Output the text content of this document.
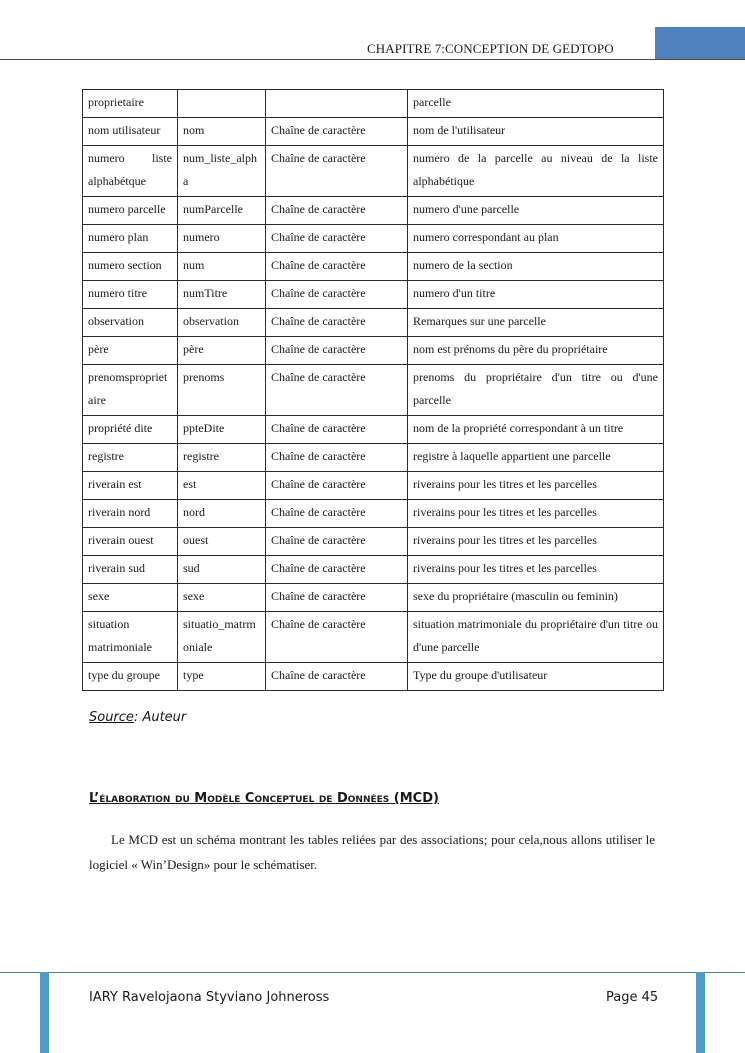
CHAPITRE 7:CONCEPTION DE GEDTOPO
proprietaire			parcelle
nom utilisateur	nom	Chaîne de caractère	nom de l'utilisateur
numero liste alphabétque	num_liste_alpha	Chaîne de caractère	numero de la parcelle au niveau de la liste alphabétique
numero parcelle	numParcelle	Chaîne de caractère	numero d'une parcelle
numero plan	numero	Chaîne de caractère	numero correspondant au plan
numero section	num	Chaîne de caractère	numero de la section
numero titre	numTitre	Chaîne de caractère	numero d'un titre
observation	observation	Chaîne de caractère	Remarques sur une parcelle
père	père	Chaîne de caractère	nom est prénoms du père du propriétaire
prenomsproprietaire	prenoms	Chaîne de caractère	prenoms du propriétaire d'un titre ou d'une parcelle
propriété dite	ppteDite	Chaîne de caractère	nom de la propriété correspondant à un titre
registre	registre	Chaîne de caractère	registre à laquelle appartient une parcelle
riverain est	est	Chaîne de caractère	riverains pour les titres et les parcelles
riverain nord	nord	Chaîne de caractère	riverains pour les titres et les parcelles
riverain ouest	ouest	Chaîne de caractère	riverains pour les titres et les parcelles
riverain sud	sud	Chaîne de caractère	riverains pour les titres et les parcelles
sexe	sexe	Chaîne de caractère	sexe du propriétaire (masculin ou feminin)
situation matrimoniale	situatio_matrmoniale	Chaîne de caractère	situation matrimoniale du propriétaire d'un titre ou d'une parcelle
type du groupe	type	Chaîne de caractère	Type du groupe d'utilisateur
Source: Auteur
L’élaboration du Modèle Conceptuel de Données (MCD)
Le MCD est un schéma montrant les tables reliées par des associations; pour cela,nous allons utiliser le logiciel « Win’Design» pour le schématiser.
IARY Ravelojaona Styviano Johneross	Page 45
